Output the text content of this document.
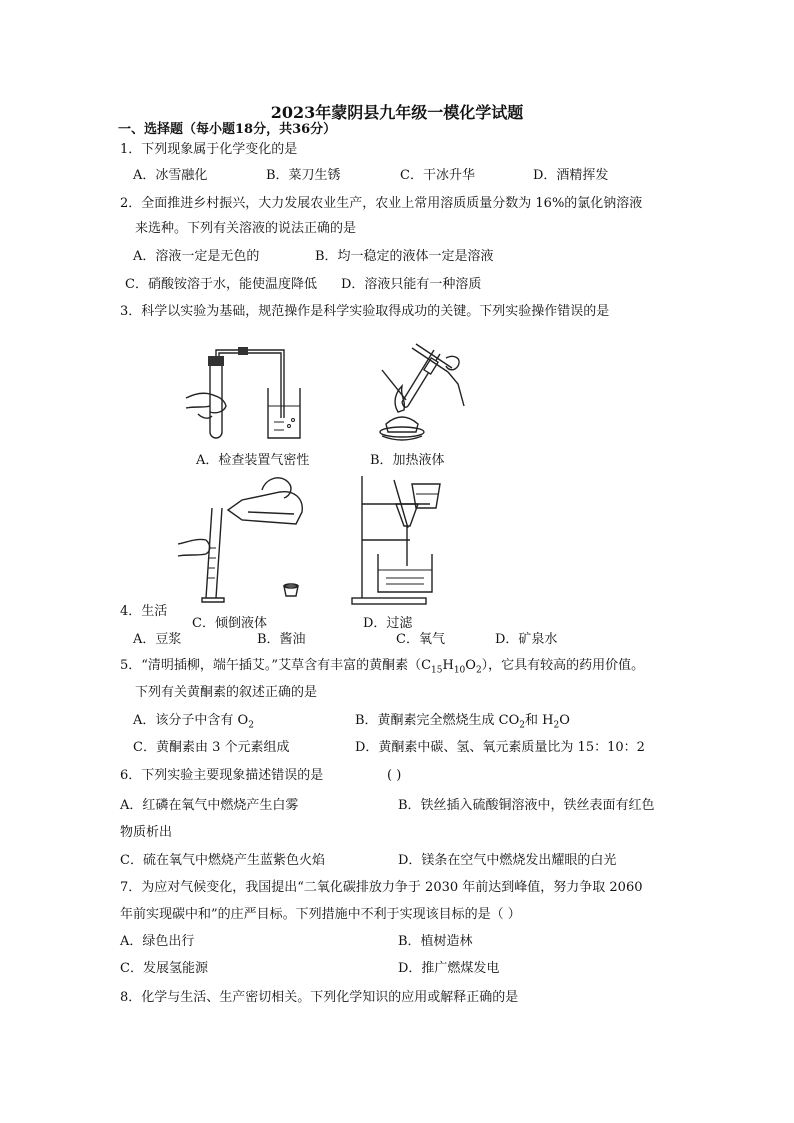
2023年蒙阴县九年级一模化学试题
一、选择题（每小题18分，共36分）
1．下列现象属于化学变化的是
A．冰雪融化	B．菜刀生锈	C．干冰升华	D．酒精挥发
2．全面推进乡村振兴，大力发展农业生产，农业上常用溶质质量分数为 16%的氯化钠溶液
来选种。下列有关溶液的说法正确的是
A．溶液一定是无色的	B．均一稳定的液体一定是溶液
C．硝酸铵溶于水，能使温度降低 D．溶液只能有一种溶质
3．科学以实验为基础，规范操作是科学实验取得成功的关键。下列实验操作错误的是
A．检查装置气密性	B．加热液体
C．倾倒液体	D．过滤
4．生活
A．豆浆	B．酱油	C．氧气	D．矿泉水
5．“清明插柳，端午插艾。”艾草含有丰富的黄酮素$(C_{15}H_{10}O_2)$，它具有较高的药用价值。
下列有关黄酮素的叙述正确的是
A．该分子中含有 $O_2$	B．黄酮素完全燃烧生成 $CO_2$和 $H_2O$
C．黄酮素由 3 个元素组成	D．黄酮素中碳、氢、氧元素质量比为 15：10：2
6．下列实验主要现象描述错误的是	( )
A．红磷在氧气中燃烧产生白雾	B．铁丝插入硫酸铜溶液中，铁丝表面有红色
物质析出
C．硫在氧气中燃烧产生蓝紫色火焰	D．镁条在空气中燃烧发出耀眼的白光
7．为应对气候变化，我国提出“二氧化碳排放力争于 2030 年前达到峰值，努力争取 2060
年前实现碳中和”的庄严目标。下列措施中不利于实现该目标的是（ ）
A．绿色出行	B．植树造林
C．发展氢能源	D．推广燃煤发电
8．化学与生活、生产密切相关。下列化学知识的应用或解释正确的是
